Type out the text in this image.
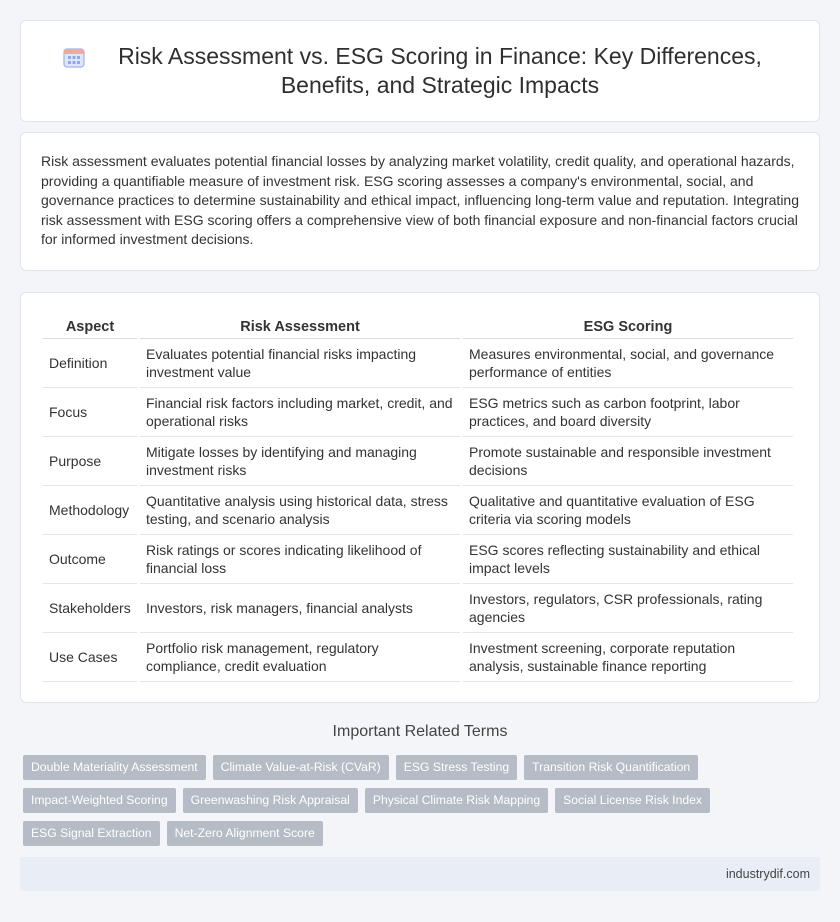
Risk Assessment vs. ESG Scoring in Finance: Key Differences, Benefits, and Strategic Impacts

Risk assessment evaluates potential financial losses by analyzing market volatility, credit quality, and operational hazards, providing a quantifiable measure of investment risk. ESG scoring assesses a company's environmental, social, and governance practices to determine sustainability and ethical impact, influencing long-term value and reputation. Integrating risk assessment with ESG scoring offers a comprehensive view of both financial exposure and non-financial factors crucial for informed investment decisions.

Aspect	Risk Assessment	ESG Scoring
Definition	Evaluates potential financial risks impacting investment value	Measures environmental, social, and governance performance of entities
Focus	Financial risk factors including market, credit, and operational risks	ESG metrics such as carbon footprint, labor practices, and board diversity
Purpose	Mitigate losses by identifying and managing investment risks	Promote sustainable and responsible investment decisions
Methodology	Quantitative analysis using historical data, stress testing, and scenario analysis	Qualitative and quantitative evaluation of ESG criteria via scoring models
Outcome	Risk ratings or scores indicating likelihood of financial loss	ESG scores reflecting sustainability and ethical impact levels
Stakeholders	Investors, risk managers, financial analysts	Investors, regulators, CSR professionals, rating agencies
Use Cases	Portfolio risk management, regulatory compliance, credit evaluation	Investment screening, corporate reputation analysis, sustainable finance reporting
Important Related Terms
Double Materiality Assessment	Climate Value-at-Risk (CVaR)	ESG Stress Testing	Transition Risk Quantification
Impact-Weighted Scoring	Greenwashing Risk Appraisal	Physical Climate Risk Mapping	Social License Risk Index
ESG Signal Extraction	Net-Zero Alignment Score
industrydif.com
